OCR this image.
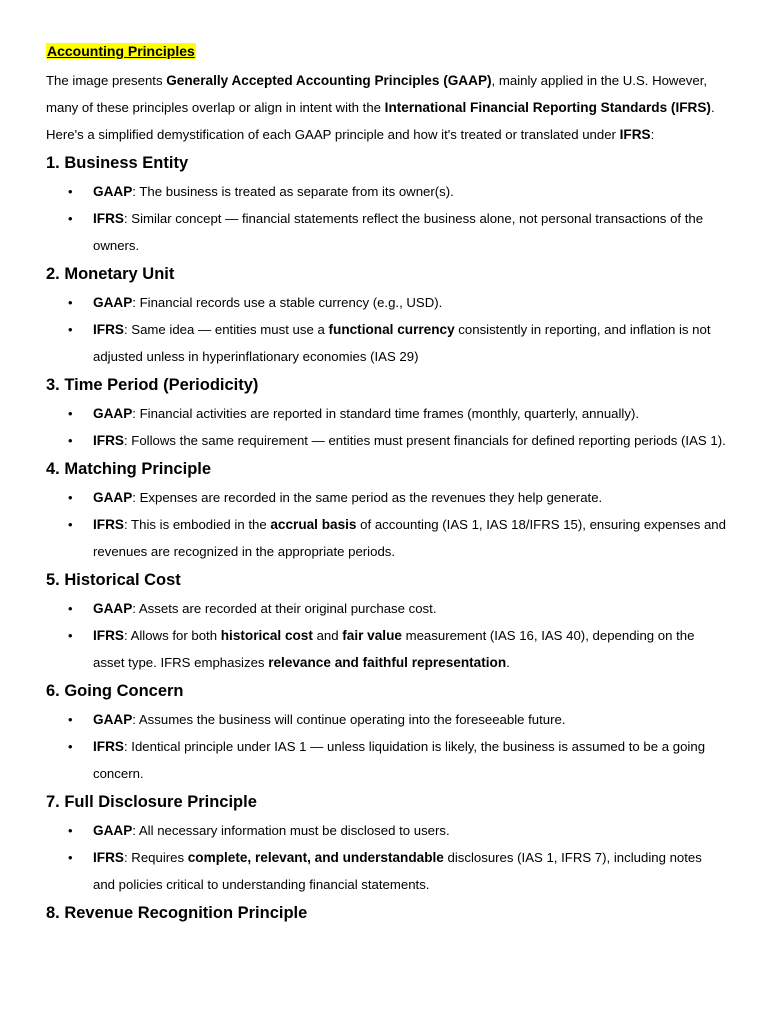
Accounting Principles

The image presents Generally Accepted Accounting Principles (GAAP), mainly applied in the U.S. However, many of these principles overlap or align in intent with the International Financial Reporting Standards (IFRS). Here's a simplified demystification of each GAAP principle and how it's treated or translated under IFRS:

1. Business Entity
• GAAP: The business is treated as separate from its owner(s).
• IFRS: Similar concept — financial statements reflect the business alone, not personal transactions of the owners.
2. Monetary Unit
• GAAP: Financial records use a stable currency (e.g., USD).
• IFRS: Same idea — entities must use a functional currency consistently in reporting, and inflation is not adjusted unless in hyperinflationary economies (IAS 29)
3. Time Period (Periodicity)
• GAAP: Financial activities are reported in standard time frames (monthly, quarterly, annually).
• IFRS: Follows the same requirement — entities must present financials for defined reporting periods (IAS 1).
4. Matching Principle
• GAAP: Expenses are recorded in the same period as the revenues they help generate.
• IFRS: This is embodied in the accrual basis of accounting (IAS 1, IAS 18/IFRS 15), ensuring expenses and revenues are recognized in the appropriate periods.
5. Historical Cost
• GAAP: Assets are recorded at their original purchase cost.
• IFRS: Allows for both historical cost and fair value measurement (IAS 16, IAS 40), depending on the asset type. IFRS emphasizes relevance and faithful representation.
6. Going Concern
• GAAP: Assumes the business will continue operating into the foreseeable future.
• IFRS: Identical principle under IAS 1 — unless liquidation is likely, the business is assumed to be a going concern.
7. Full Disclosure Principle
• GAAP: All necessary information must be disclosed to users.
• IFRS: Requires complete, relevant, and understandable disclosures (IAS 1, IFRS 7), including notes and policies critical to understanding financial statements.
8. Revenue Recognition Principle
